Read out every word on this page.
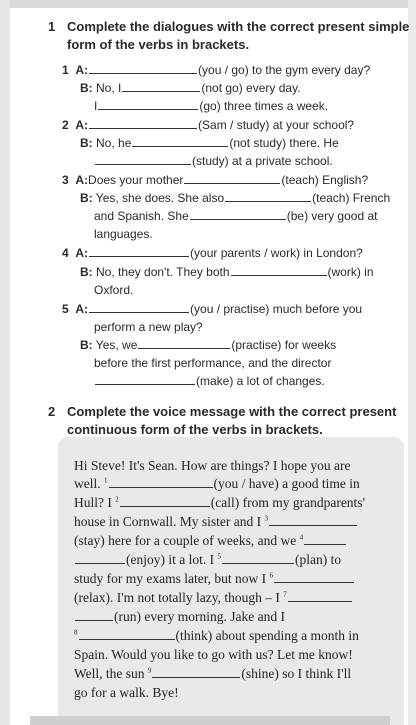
1 Complete the dialogues with the correct present simple
form of the verbs in brackets.
1 A:	(you / go) to the gym every day?
B: No, I	(not go) every day.
I	(go) three times a week.
2 A:	(Sam / study) at your school?
B: No, he	(not study) there. He
(study) at a private school.
3 A:Does your mother	(teach) English?
B: Yes, she does. She also	(teach) French
and Spanish. She	(be) very good at
languages.
4 A:	(your parents / work) in London?
B: No, they don't. They both	(work) in
Oxford.
5 A:	(you / practise) much before you
perform a new play?
B: Yes, we	(practise) for weeks
before the first performance, and the director
(make) a lot of changes.
2 Complete the voice message with the correct present
continuous form of the verbs in brackets.
Hi Steve! It's Sean. How are things? I hope you are
well. $^1$	(you / have) a good time in
Hull? I $^2$	(call) from my grandparents'
house in Cornwall. My sister and I $^3$
(stay) here for a couple of weeks, and we $^4$
(enjoy) it a lot. I $^5$	(plan) to
study for my exams later, but now I $^6$
(relax). I'm not totally lazy, though – I $^7$
(run) every morning. Jake and I
$^8$	(think) about spending a month in
Spain. Would you like to go with us? Let me know!
Well, the sun $^9$	(shine) so I think I'll
go for a walk. Bye!
